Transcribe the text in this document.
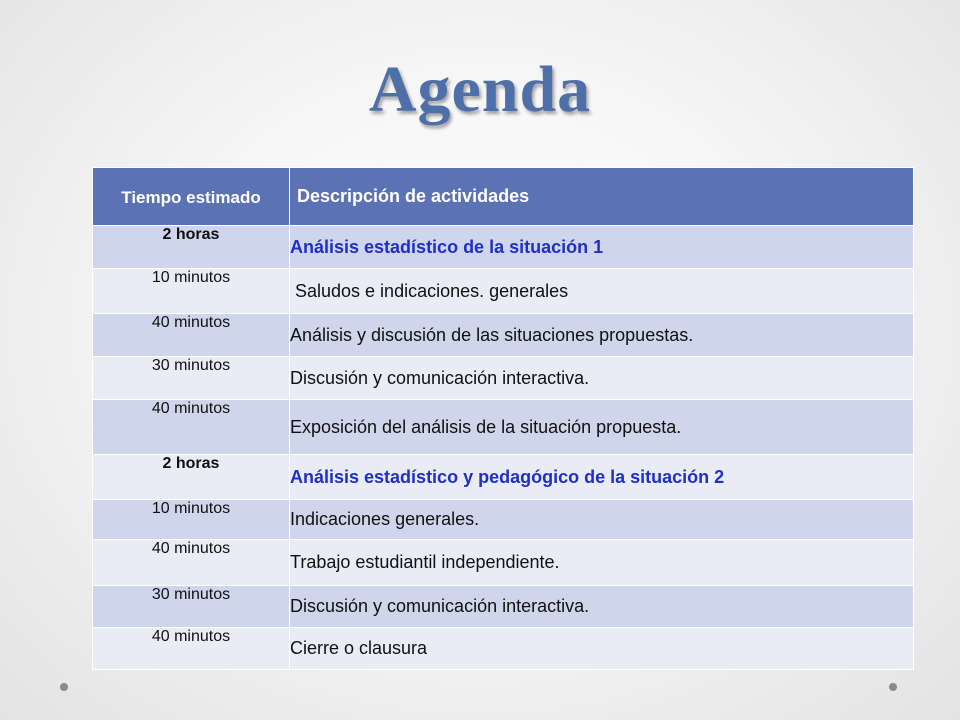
Agenda
Tiempo estimado	Descripción de actividades
2 horas	Análisis estadístico de la situación 1
10 minutos	Saludos e indicaciones. generales
40 minutos	Análisis y discusión de las situaciones propuestas.
30 minutos	Discusión y comunicación interactiva.
40 minutos	Exposición del análisis de la situación propuesta.
2 horas	Análisis estadístico y pedagógico de la situación 2
10 minutos	Indicaciones generales.
40 minutos	Trabajo estudiantil independiente.
30 minutos	Discusión y comunicación interactiva.
40 minutos	Cierre o clausura
